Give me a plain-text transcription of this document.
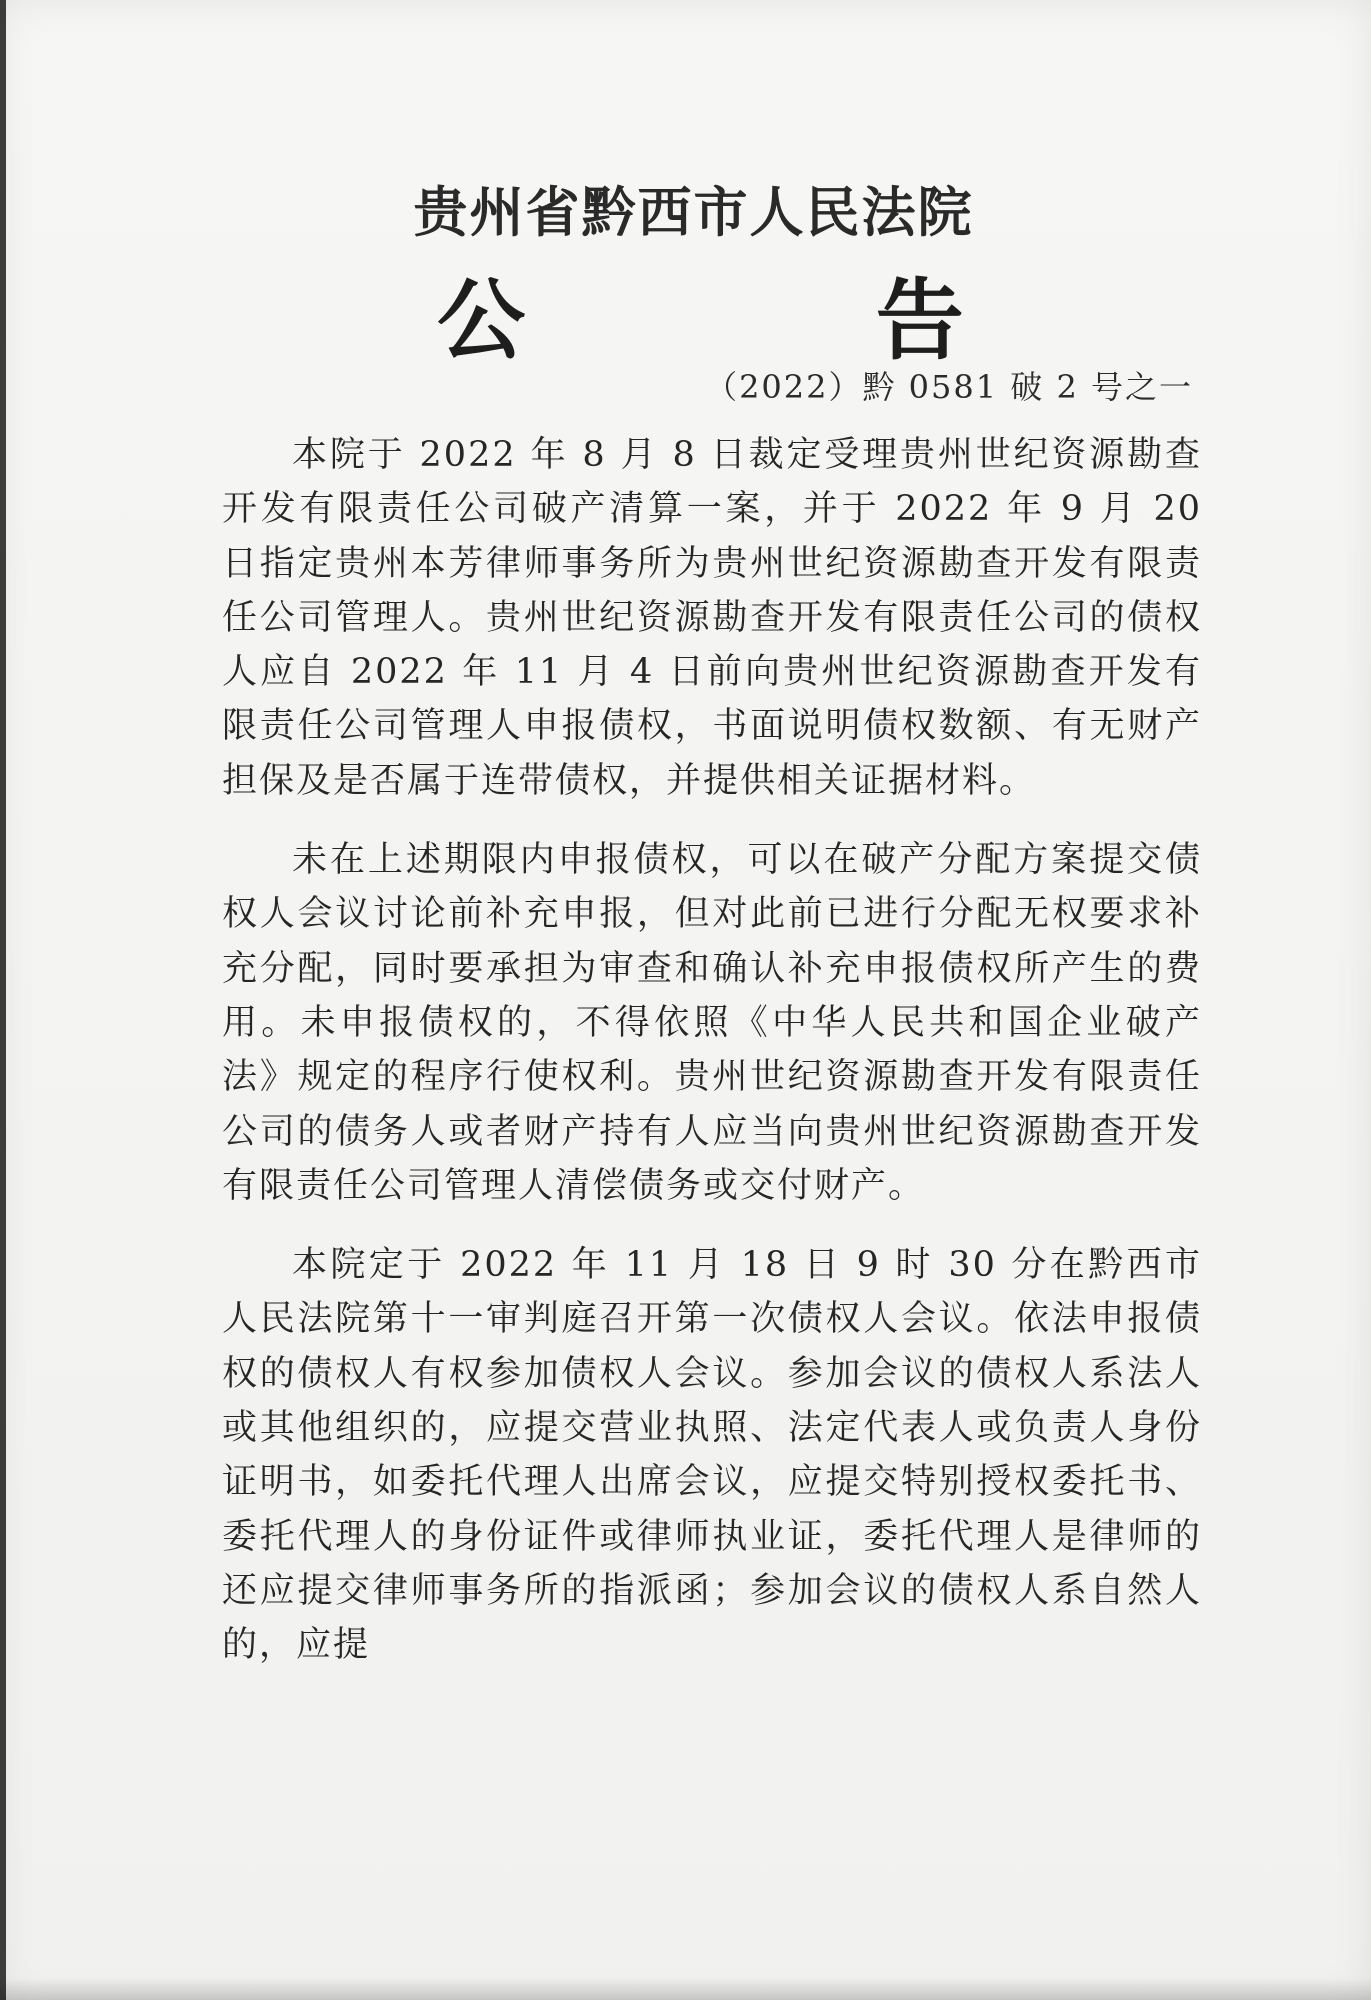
贵州省黔西市人民法院
公 告
（2022）黔 0581 破 2 号之一

本院于 2022 年 8 月 8 日裁定受理贵州世纪资源勘查开发有限责任公司破产清算一案，并于 2022 年 9 月 20 日指定贵州本芳律师事务所为贵州世纪资源勘查开发有限责任公司管理人。贵州世纪资源勘查开发有限责任公司的债权人应自 2022 年 11 月 4 日前向贵州世纪资源勘查开发有限责任公司管理人申报债权，书面说明债权数额、有无财产担保及是否属于连带债权，并提供相关证据材料。

未在上述期限内申报债权，可以在破产分配方案提交债权人会议讨论前补充申报，但对此前已进行分配无权要求补充分配，同时要承担为审查和确认补充申报债权所产生的费用。未申报债权的，不得依照《中华人民共和国企业破产法》规定的程序行使权利。贵州世纪资源勘查开发有限责任公司的债务人或者财产持有人应当向贵州世纪资源勘查开发有限责任公司管理人清偿债务或交付财产。

本院定于 2022 年 11 月 18 日 9 时 30 分在黔西市人民法院第十一审判庭召开第一次债权人会议。依法申报债权的债权人有权参加债权人会议。参加会议的债权人系法人或其他组织的，应提交营业执照、法定代表人或负责人身份证明书，如委托代理人出席会议，应提交特别授权委托书、委托代理人的身份证件或律师执业证，委托代理人是律师的还应提交律师事务所的指派函；参加会议的债权人系自然人的，应提
